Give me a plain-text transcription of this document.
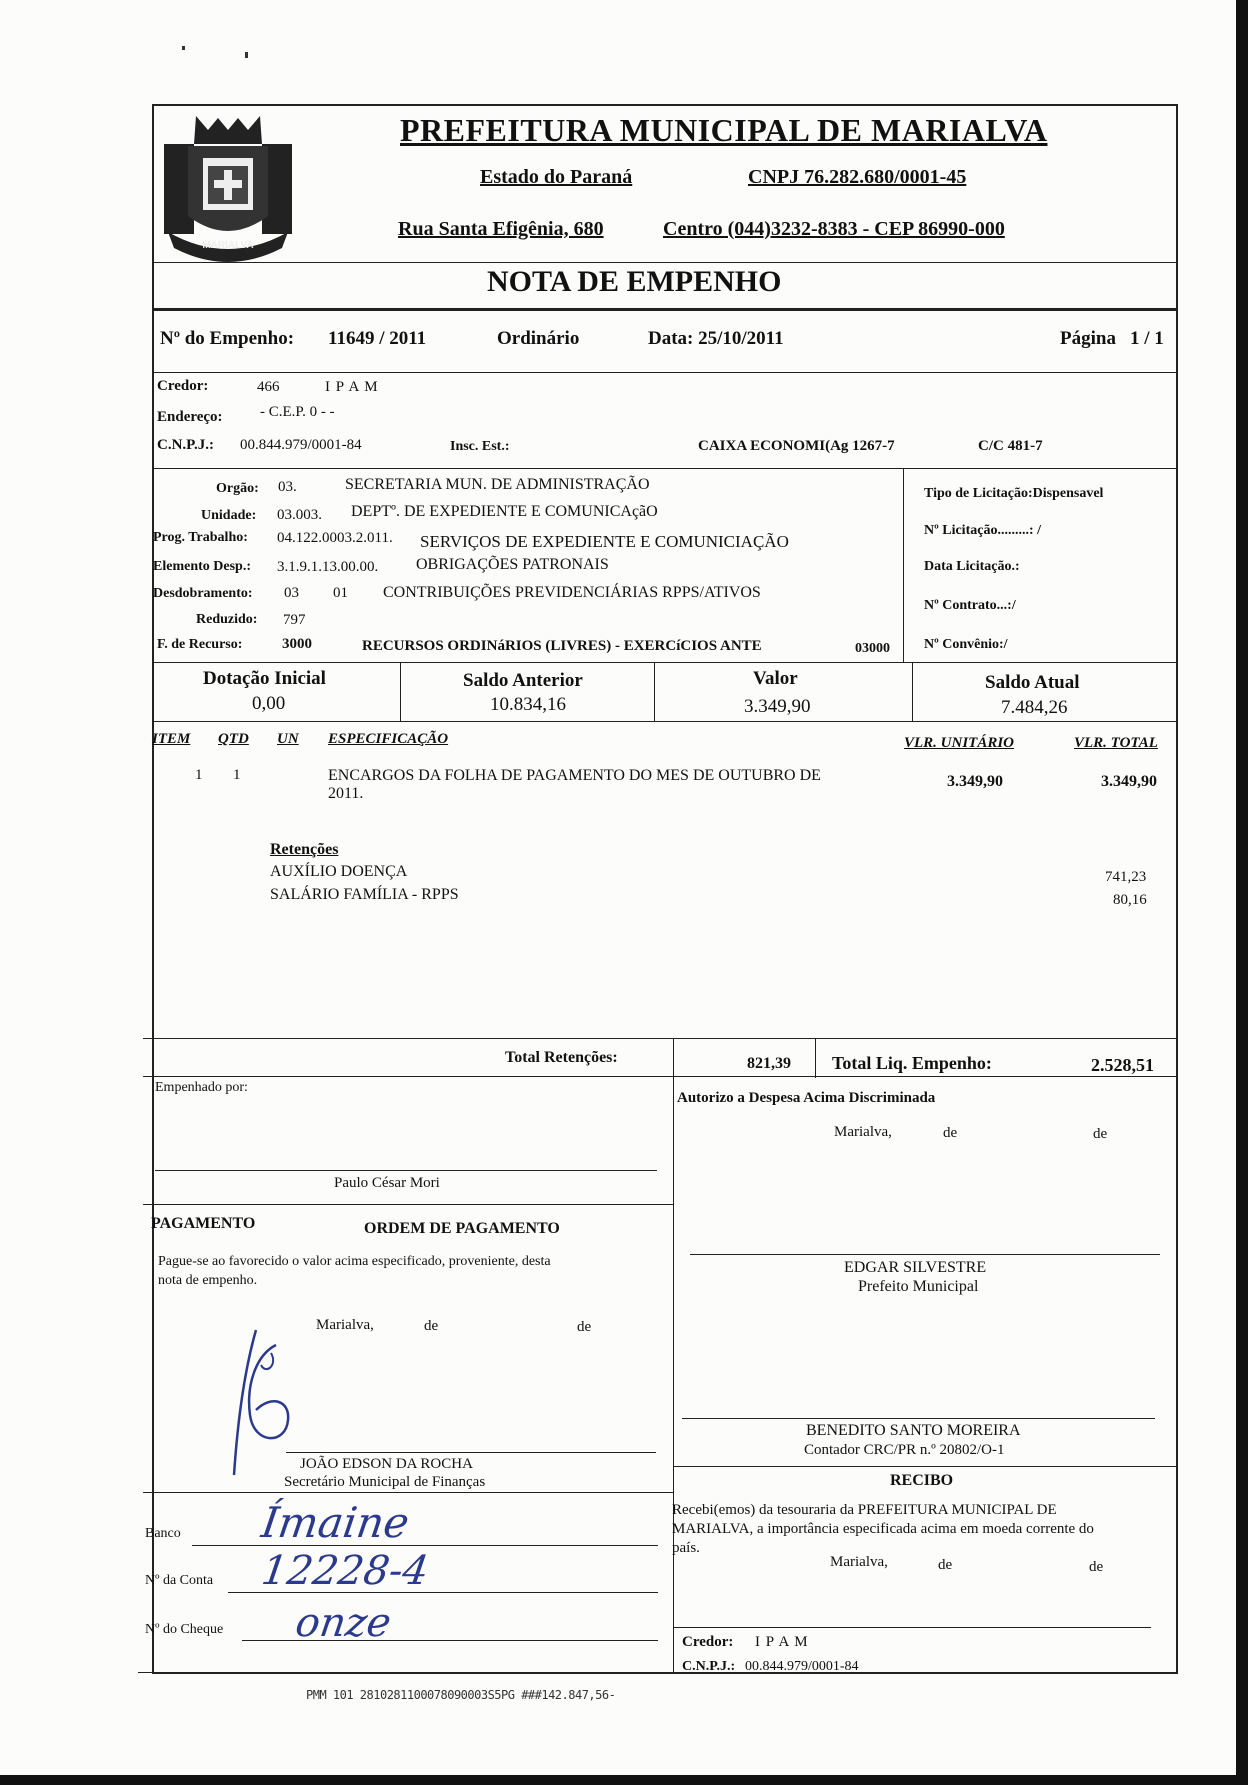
MARIALVA
PREFEITURA MUNICIPAL DE MARIALVA
Estado do Paraná	CNPJ 76.282.680/0001-45
Rua Santa Efigênia, 680	Centro (044)3232-8383 - CEP 86990-000
NOTA DE EMPENHO
Nº do Empenho: 11649 / 2011	Ordinário	Data: 25/10/2011	Página 1 / 1
Credor:	466	I P A M
Endereço: - C.E.P. 0 - -
C.N.P.J.: 00.844.979/0001-84	Insc. Est.:	CAIXA ECONOMI(Ag 1267-7	C/C 481-7
Orgão: 03.	SECRETARIA MUN. DE ADMINISTRAÇÃO
Unidade: 03.003. DEPTº. DE EXPEDIENTE E COMUNICAçãO
Prog. Trabalho: 04.122.0003.2.011. SERVIÇOS DE EXPEDIENTE E COMUNICIAÇÃO
Elemento Desp.: 3.1.9.1.13.00.00. OBRIGAÇÕES PATRONAIS
Desdobramento: 03 01 CONTRIBUIÇÕES PREVIDENCIÁRIAS RPPS/ATIVOS
Reduzido: 797
F. de Recurso:	3000	RECURSOS ORDINáRIOS (LIVRES) - EXERCíCIOS ANTE	03000
Tipo de Licitação:Dispensavel
Nº Licitação.........: /
Data Licitação.:
Nº Contrato...:/
Nº Convênio:/
Dotação Inicial
0,00
Saldo Anterior
10.834,16
Valor
3.349,90
Saldo Atual
7.484,26
ITEM QTD UN ESPECIFICAÇÃO	VLR. UNITÁRIO	VLR. TOTAL
1 1	ENCARGOS DA FOLHA DE PAGAMENTO DO MES DE OUTUBRO DE
2011.
3.349,90	3.349,90
Retenções
AUXÍLIO DOENÇA	741,23
SALÁRIO FAMÍLIA - RPPS	80,16
Total Retenções:	821,39 Total Liq. Empenho:	2.528,51
Empenhado por:
Paulo César Mori
Autorizo a Despesa Acima Discriminada
Marialva,	de	de
EDGAR SILVESTRE
Prefeito Municipal
PAGAMENTO	ORDEM DE PAGAMENTO
Pague-se ao favorecido o valor acima especificado, proveniente, desta
nota de empenho.
Marialva,	de	de
JOÃO EDSON DA ROCHA
Secretário Municipal de Finanças
BENEDITO SANTO MOREIRA
Contador CRC/PR n.º 20802/O-1
RECIBO
Recebi(emos) da tesouraria da PREFEITURA MUNICIPAL DE
MARIALVA, a importância especificada acima em moeda corrente do
país.
Marialva,	de	de
Credor: I P A M
C.N.P.J.: 00.844.979/0001-84
Banco Ímaine
Nº da Conta 12228-4
Nº do Cheque onze
PMM 101 2810281100078090003S5PG ###142.847,56-
